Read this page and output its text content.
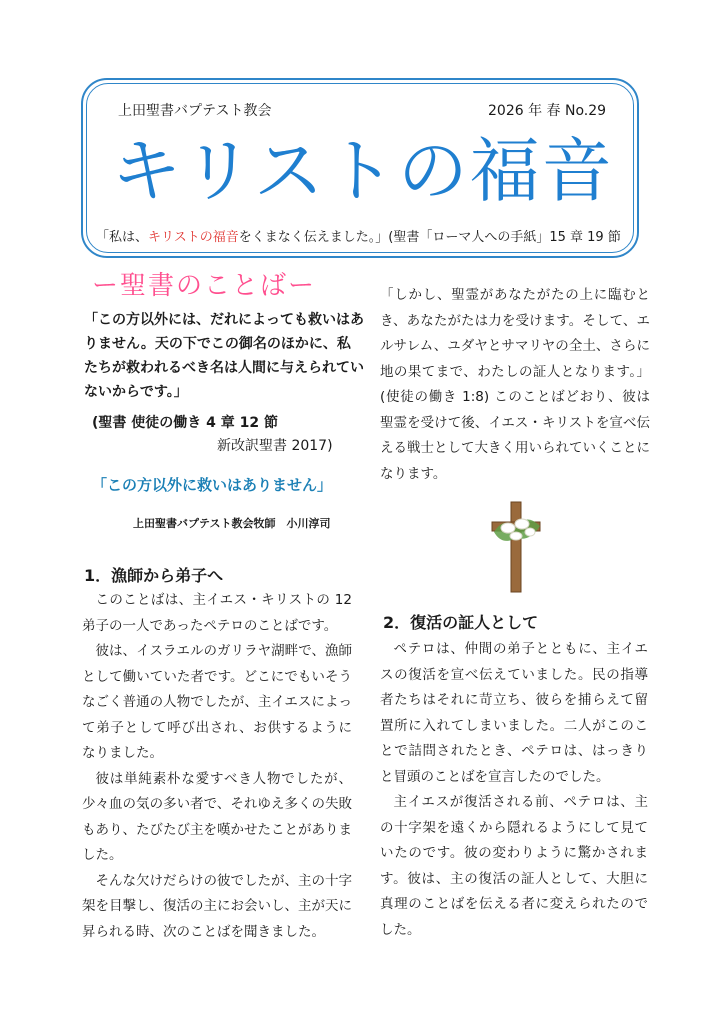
上田聖書バプテスト教会	2026 年 春 No.29
キリストの福音
「私は、キリストの福音をくまなく伝えました。」(聖書「ローマ人への手紙」15 章 19 節
ー聖書のことばー
「この方以外には、だれによっても救いはありません。天の下でこの御名のほかに、私たちが救われるべき名は人間に与えられていないからです。」
(聖書 使徒の働き 4 章 12 節
新改訳聖書 2017)
「この方以外に救いはありません」
上田聖書バプテスト教会牧師　小川淳司
1．漁師から弟子へ

このことばは、主イエス・キリストの 12 弟子の一人であったペテロのことばです。

彼は、イスラエルのガリラヤ湖畔で、漁師として働いていた者です。どこにでもいそうなごく普通の人物でしたが、主イエスによって弟子として呼び出され、お供するようになりました。

彼は単純素朴な愛すべき人物でしたが、少々血の気の多い者で、それゆえ多くの失敗もあり、たびたび主を嘆かせたことがありました。

そんな欠けだらけの彼でしたが、主の十字架を目撃し、復活の主にお会いし、主が天に昇られる時、次のことばを聞きました。

「しかし、聖霊があなたがたの上に臨むとき、あなたがたは力を受けます。そして、エルサレム、ユダヤとサマリヤの全土、さらに地の果てまで、わたしの証人となります。」(使徒の働き 1:8) このことばどおり、彼は聖霊を受けて後、イエス・キリストを宣べ伝える戦士として大きく用いられていくことになります。

2．復活の証人として

ペテロは、仲間の弟子とともに、主イエスの復活を宣べ伝えていました。民の指導者たちはそれに苛立ち、彼らを捕らえて留置所に入れてしまいました。二人がこのことで詰問されたとき、ペテロは、はっきりと冒頭のことばを宣言したのでした。

主イエスが復活される前、ペテロは、主の十字架を遠くから隠れるようにして見ていたのです。彼の変わりように驚かされます。彼は、主の復活の証人として、大胆に真理のことばを伝える者に変えられたのでした。
